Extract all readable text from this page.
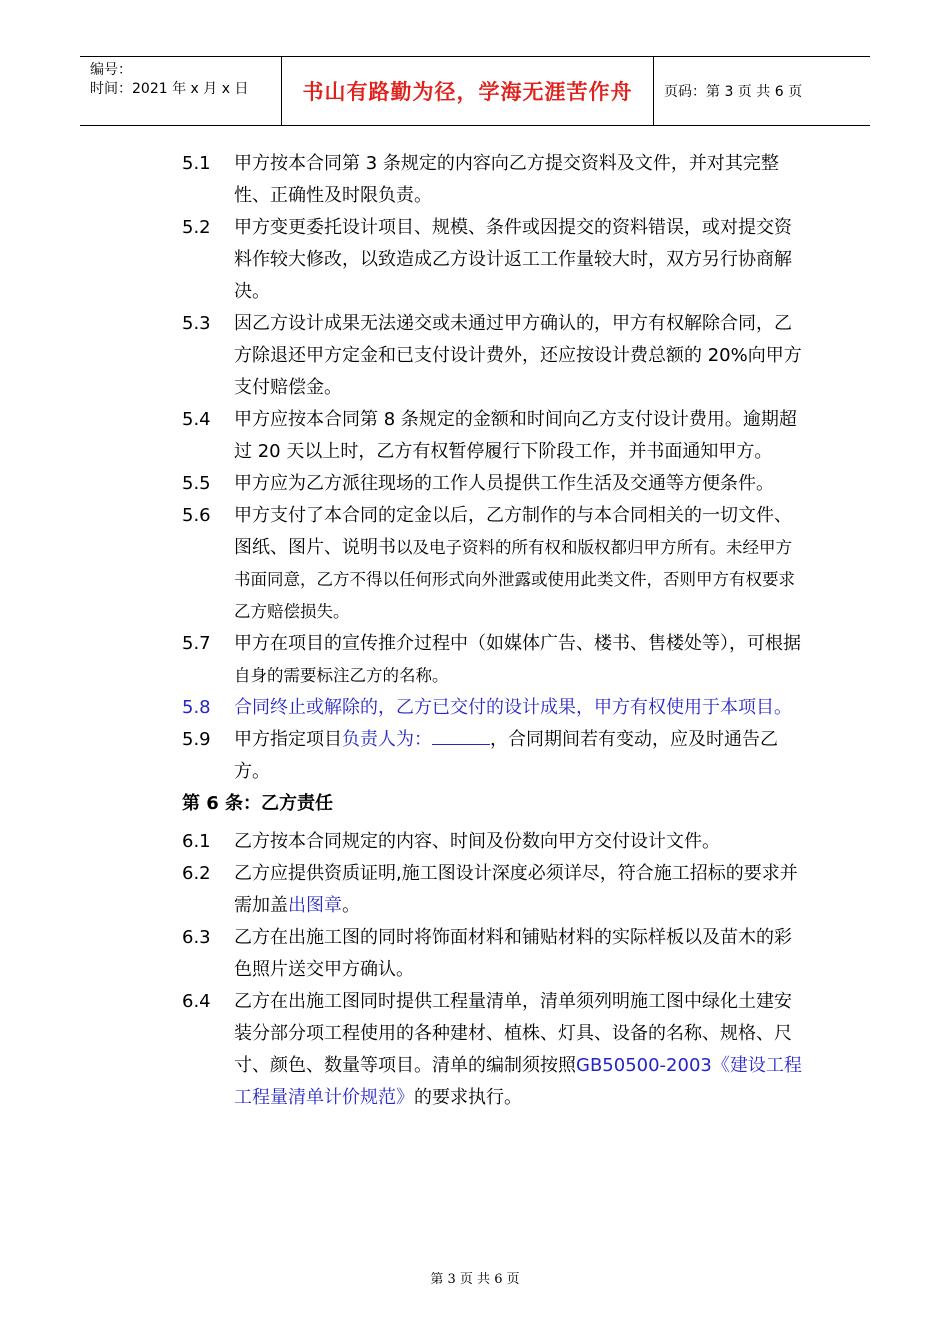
编号：
时间：2021 年 x 月 x 日	书山有路勤为径，学海无涯苦作舟	页码：第 3 页 共 6 页
5.1	甲方按本合同第 3 条规定的内容向乙方提交资料及文件，并对其完整性、正确性及时限负责。
5.2	甲方变更委托设计项目、规模、条件或因提交的资料错误，或对提交资料作较大修改，以致造成乙方设计返工工作量较大时，双方另行协商解决。
5.3	因乙方设计成果无法递交或未通过甲方确认的，甲方有权解除合同，乙方除退还甲方定金和已支付设计费外，还应按设计费总额的 20%向甲方支付赔偿金。
5.4	甲方应按本合同第 8 条规定的金额和时间向乙方支付设计费用。逾期超过 20 天以上时，乙方有权暂停履行下阶段工作，并书面通知甲方。
5.5	甲方应为乙方派往现场的工作人员提供工作生活及交通等方便条件。
5.6	甲方支付了本合同的定金以后，乙方制作的与本合同相关的一切文件、图纸、图片、说明书以及电子资料的所有权和版权都归甲方所有。未经甲方书面同意，乙方不得以任何形式向外泄露或使用此类文件，否则甲方有权要求乙方赔偿损失。
5.7	甲方在项目的宣传推介过程中（如媒体广告、楼书、售楼处等），可根据自身的需要标注乙方的名称。
5.8	合同终止或解除的，乙方已交付的设计成果，甲方有权使用于本项目。
5.9	甲方指定项目负责人为：	，合同期间若有变动，应及时通告乙方。
第 6 条：乙方责任
6.1	乙方按本合同规定的内容、时间及份数向甲方交付设计文件。
6.2	乙方应提供资质证明,施工图设计深度必须详尽，符合施工招标的要求并需加盖出图章。
6.3	乙方在出施工图的同时将饰面材料和铺贴材料的实际样板以及苗木的彩色照片送交甲方确认。
6.4	乙方在出施工图同时提供工程量清单，清单须列明施工图中绿化土建安装分部分项工程使用的各种建材、植株、灯具、设备的名称、规格、尺寸、颜色、数量等项目。清单的编制须按照GB50500-2003《建设工程工程量清单计价规范》的要求执行。
第 3 页 共 6 页
